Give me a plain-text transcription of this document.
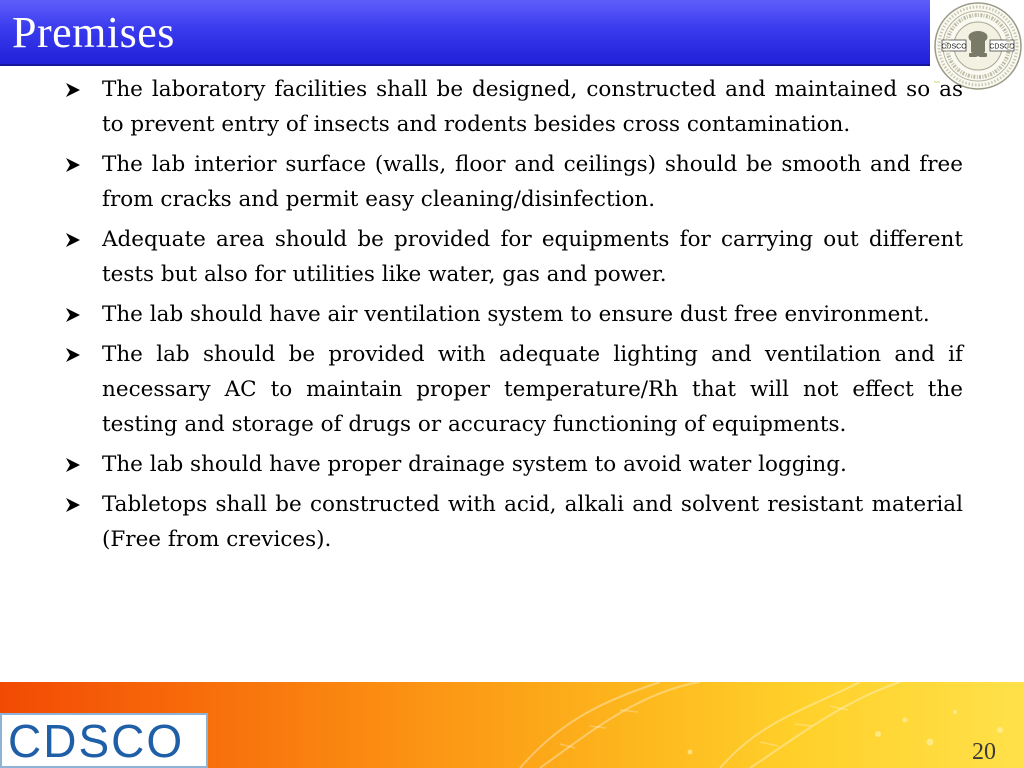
Premises	CDSCO	CDSCO
The laboratory facilities shall be designed, constructed and maintained so as to prevent entry of insects and rodents besides cross contamination.
The lab interior surface (walls, floor and ceilings) should be smooth and free from cracks and permit easy cleaning/disinfection.
Adequate area should be provided for equipments for carrying out different tests but also for utilities like water, gas and power.
The lab should have air ventilation system to ensure dust free environment.
The lab should be provided with adequate lighting and ventilation and if necessary AC to maintain proper temperature/Rh that will not effect the testing and storage of drugs or accuracy functioning of equipments.
The lab should have proper drainage system to avoid water logging.
Tabletops shall be constructed with acid, alkali and solvent resistant material (Free from crevices).
CDSCO	20
